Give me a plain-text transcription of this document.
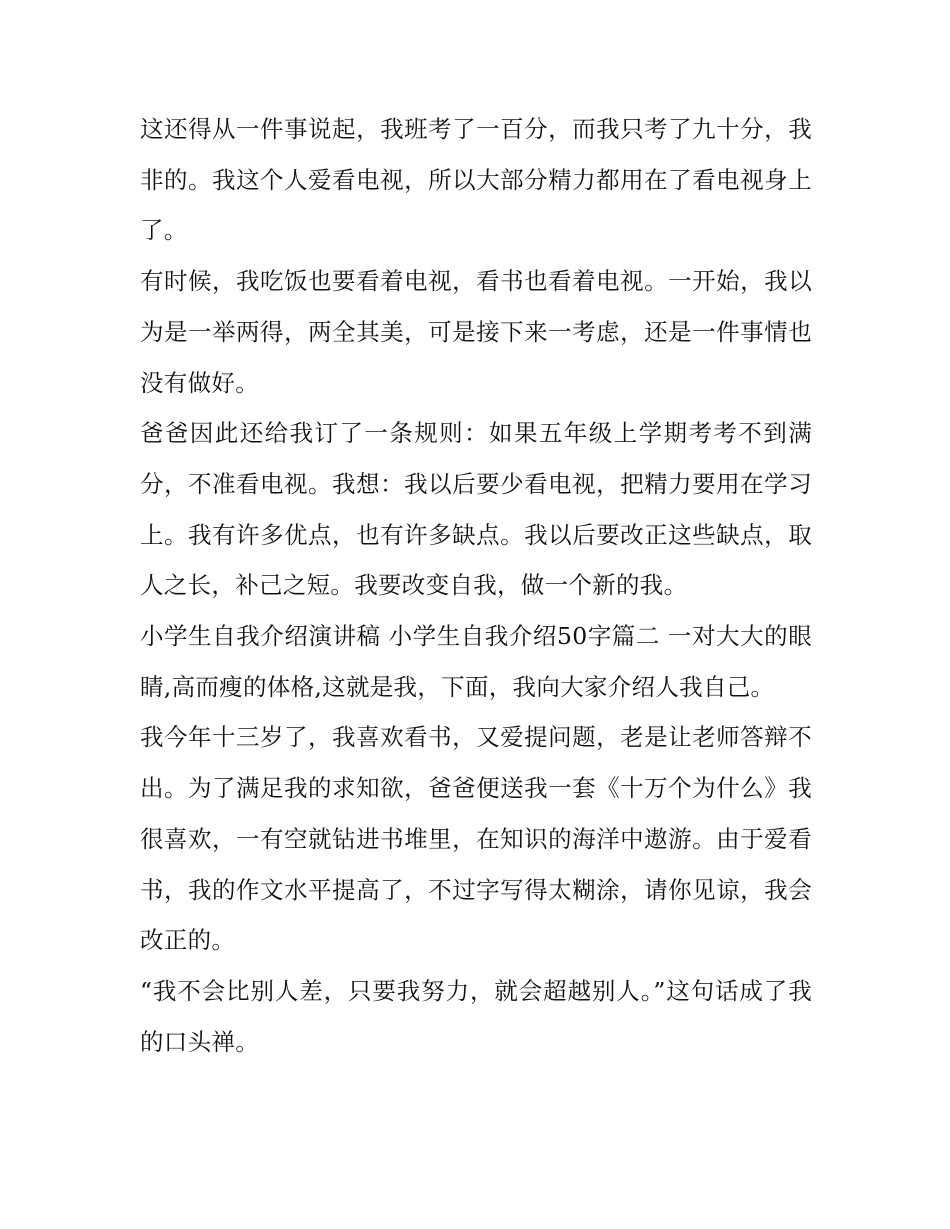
这还得从一件事说起，我班考了一百分，而我只考了九十分，我非的。我这个人爱看电视，所以大部分精力都用在了看电视身上了。

有时候，我吃饭也要看着电视，看书也看着电视。一开始，我以为是一举两得，两全其美，可是接下来一考虑，还是一件事情也没有做好。

爸爸因此还给我订了一条规则：如果五年级上学期考考不到满分，不准看电视。我想：我以后要少看电视，把精力要用在学习上。我有许多优点，也有许多缺点。我以后要改正这些缺点，取人之长，补己之短。我要改变自我，做一个新的我。

小学生自我介绍演讲稿 小学生自我介绍50字篇二 一对大大的眼睛,高而瘦的体格,这就是我，下面，我向大家介绍人我自己。

我今年十三岁了，我喜欢看书，又爱提问题，老是让老师答辩不出。为了满足我的求知欲，爸爸便送我一套《十万个为什么》我很喜欢，一有空就钻进书堆里，在知识的海洋中遨游。由于爱看书，我的作文水平提高了，不过字写得太糊涂，请你见谅，我会改正的。

“我不会比别人差，只要我努力，就会超越别人。”这句话成了我的口头禅。
